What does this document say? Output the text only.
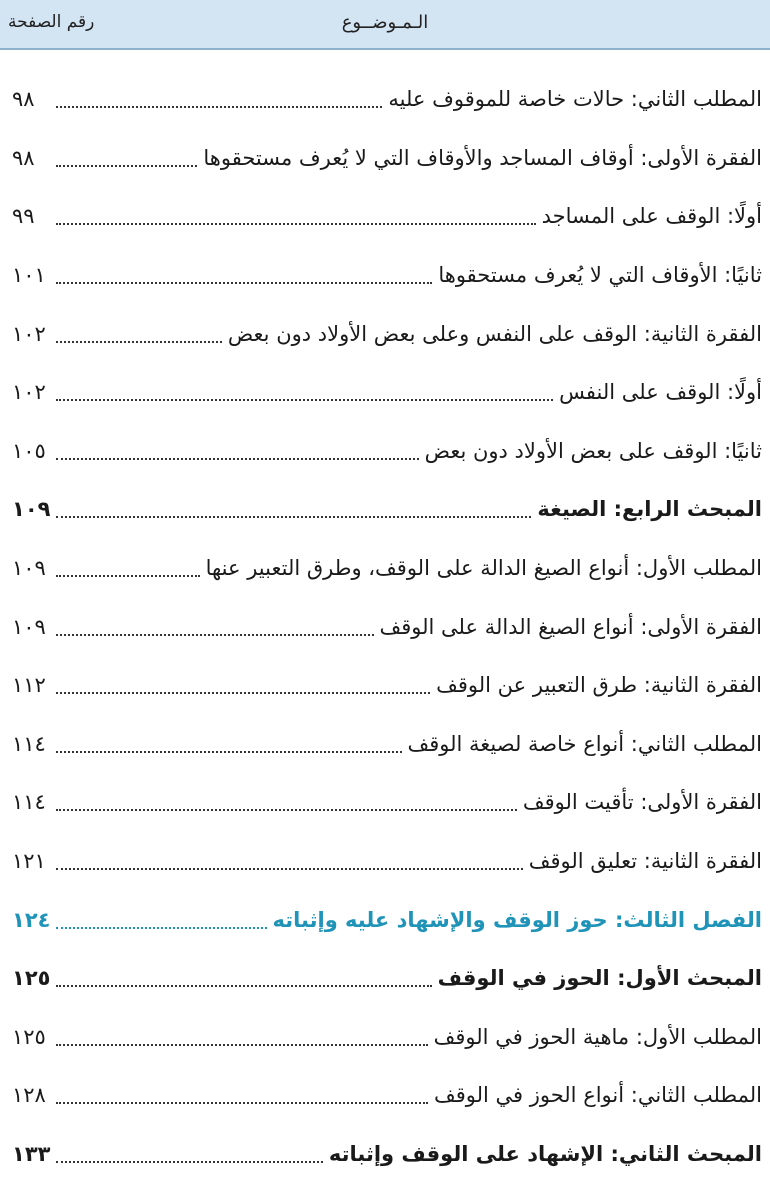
الـمـوضــوع
رقم الصفحة
المطلب الثاني: حالات خاصة للموقوف عليه
٩٨
الفقرة الأولى: أوقاف المساجد والأوقاف التي لا يُعرف مستحقوها
٩٨
أولًا: الوقف على المساجد
٩٩
ثانيًا: الأوقاف التي لا يُعرف مستحقوها
١٠١
الفقرة الثانية: الوقف على النفس وعلى بعض الأولاد دون بعض
١٠٢
أولًا: الوقف على النفس
١٠٢
ثانيًا: الوقف على بعض الأولاد دون بعض
١٠٥
المبحث الرابع: الصيغة
١٠٩
المطلب الأول: أنواع الصيغ الدالة على الوقف، وطرق التعبير عنها
١٠٩
الفقرة الأولى: أنواع الصيغ الدالة على الوقف
١٠٩
الفقرة الثانية: طرق التعبير عن الوقف
١١٢
المطلب الثاني: أنواع خاصة لصيغة الوقف
١١٤
الفقرة الأولى: تأقيت الوقف
١١٤
الفقرة الثانية: تعليق الوقف
١٢١
الفصل الثالث: حوز الوقف والإشهاد عليه وإثباته
١٢٤
المبحث الأول: الحوز في الوقف
١٢٥
المطلب الأول: ماهية الحوز في الوقف
١٢٥
المطلب الثاني: أنواع الحوز في الوقف
١٢٨
المبحث الثاني: الإشهاد على الوقف وإثباته
١٣٣
